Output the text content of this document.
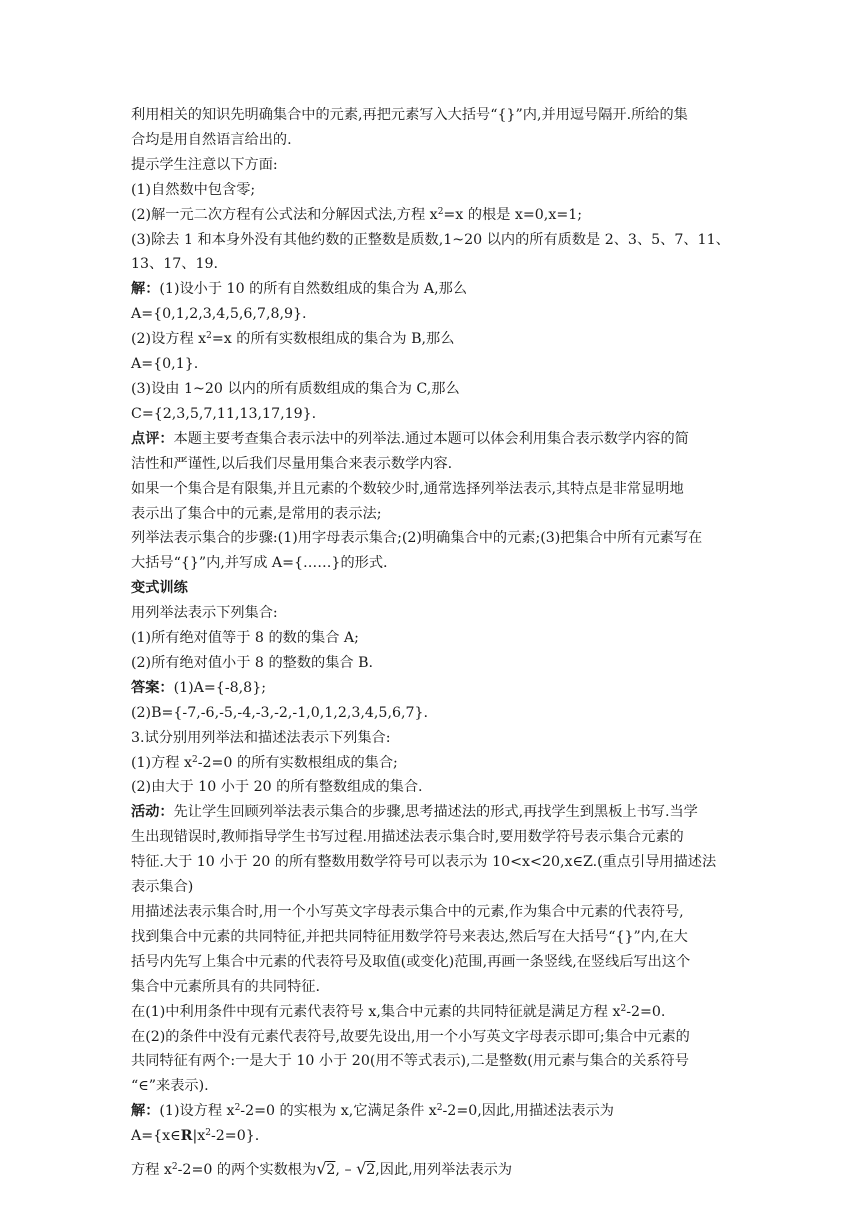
利用相关的知识先明确集合中的元素,再把元素写入大括号“{}”内,并用逗号隔开.所给的集
合均是用自然语言给出的.
提示学生注意以下方面:
(1)自然数中包含零;
(2)解一元二次方程有公式法和分解因式法,方程 $x^2=x$ 的根是 x=0,x=1;
(3)除去 1 和本身外没有其他约数的正整数是质数,1~20 以内的所有质数是 2、3、5、7、11、
13、17、19.
解：(1)设小于 10 的所有自然数组成的集合为 A,那么
A={0,1,2,3,4,5,6,7,8,9}.
(2)设方程 $x^2=x$ 的所有实数根组成的集合为 B,那么
A={0,1}.
(3)设由 1~20 以内的所有质数组成的集合为 C,那么
C={2,3,5,7,11,13,17,19}.
点评：本题主要考查集合表示法中的列举法.通过本题可以体会利用集合表示数学内容的简
洁性和严谨性,以后我们尽量用集合来表示数学内容.
如果一个集合是有限集,并且元素的个数较少时,通常选择列举法表示,其特点是非常显明地
表示出了集合中的元素,是常用的表示法;
列举法表示集合的步骤:(1)用字母表示集合;(2)明确集合中的元素;(3)把集合中所有元素写在
大括号“{}”内,并写成 A={……}的形式.
变式训练
用列举法表示下列集合:
(1)所有绝对值等于 8 的数的集合 A;
(2)所有绝对值小于 8 的整数的集合 B.
答案：(1)A={-8,8};
(2)B={-7,-6,-5,-4,-3,-2,-1,0,1,2,3,4,5,6,7}.
3.试分别用列举法和描述法表示下列集合:
(1)方程 $x^2-2=0$ 的所有实数根组成的集合;
(2)由大于 10 小于 20 的所有整数组成的集合.
活动：先让学生回顾列举法表示集合的步骤,思考描述法的形式,再找学生到黑板上书写.当学
生出现错误时,教师指导学生书写过程.用描述法表示集合时,要用数学符号表示集合元素的
特征.大于 10 小于 20 的所有整数用数学符号可以表示为 10<x<20,x∈Z.(重点引导用描述法
表示集合)
用描述法表示集合时,用一个小写英文字母表示集合中的元素,作为集合中元素的代表符号,
找到集合中元素的共同特征,并把共同特征用数学符号来表达,然后写在大括号“{}”内,在大
括号内先写上集合中元素的代表符号及取值(或变化)范围,再画一条竖线,在竖线后写出这个
集合中元素所具有的共同特征.
在(1)中利用条件中现有元素代表符号 x,集合中元素的共同特征就是满足方程 $x^2-2=0$.
在(2)的条件中没有元素代表符号,故要先设出,用一个小写英文字母表示即可;集合中元素的
共同特征有两个:一是大于 10 小于 20(用不等式表示),二是整数(用元素与集合的关系符号
“∈”来表示).
解：(1)设方程 $x^2-2=0$ 的实根为 x,它满足条件 $x^2-2=0$,因此,用描述法表示为
$A=\{x\in R|x^2-2=0\}$.
方程 $x^2-2=0$ 的两个实数根为√2, – √2,因此,用列举法表示为
